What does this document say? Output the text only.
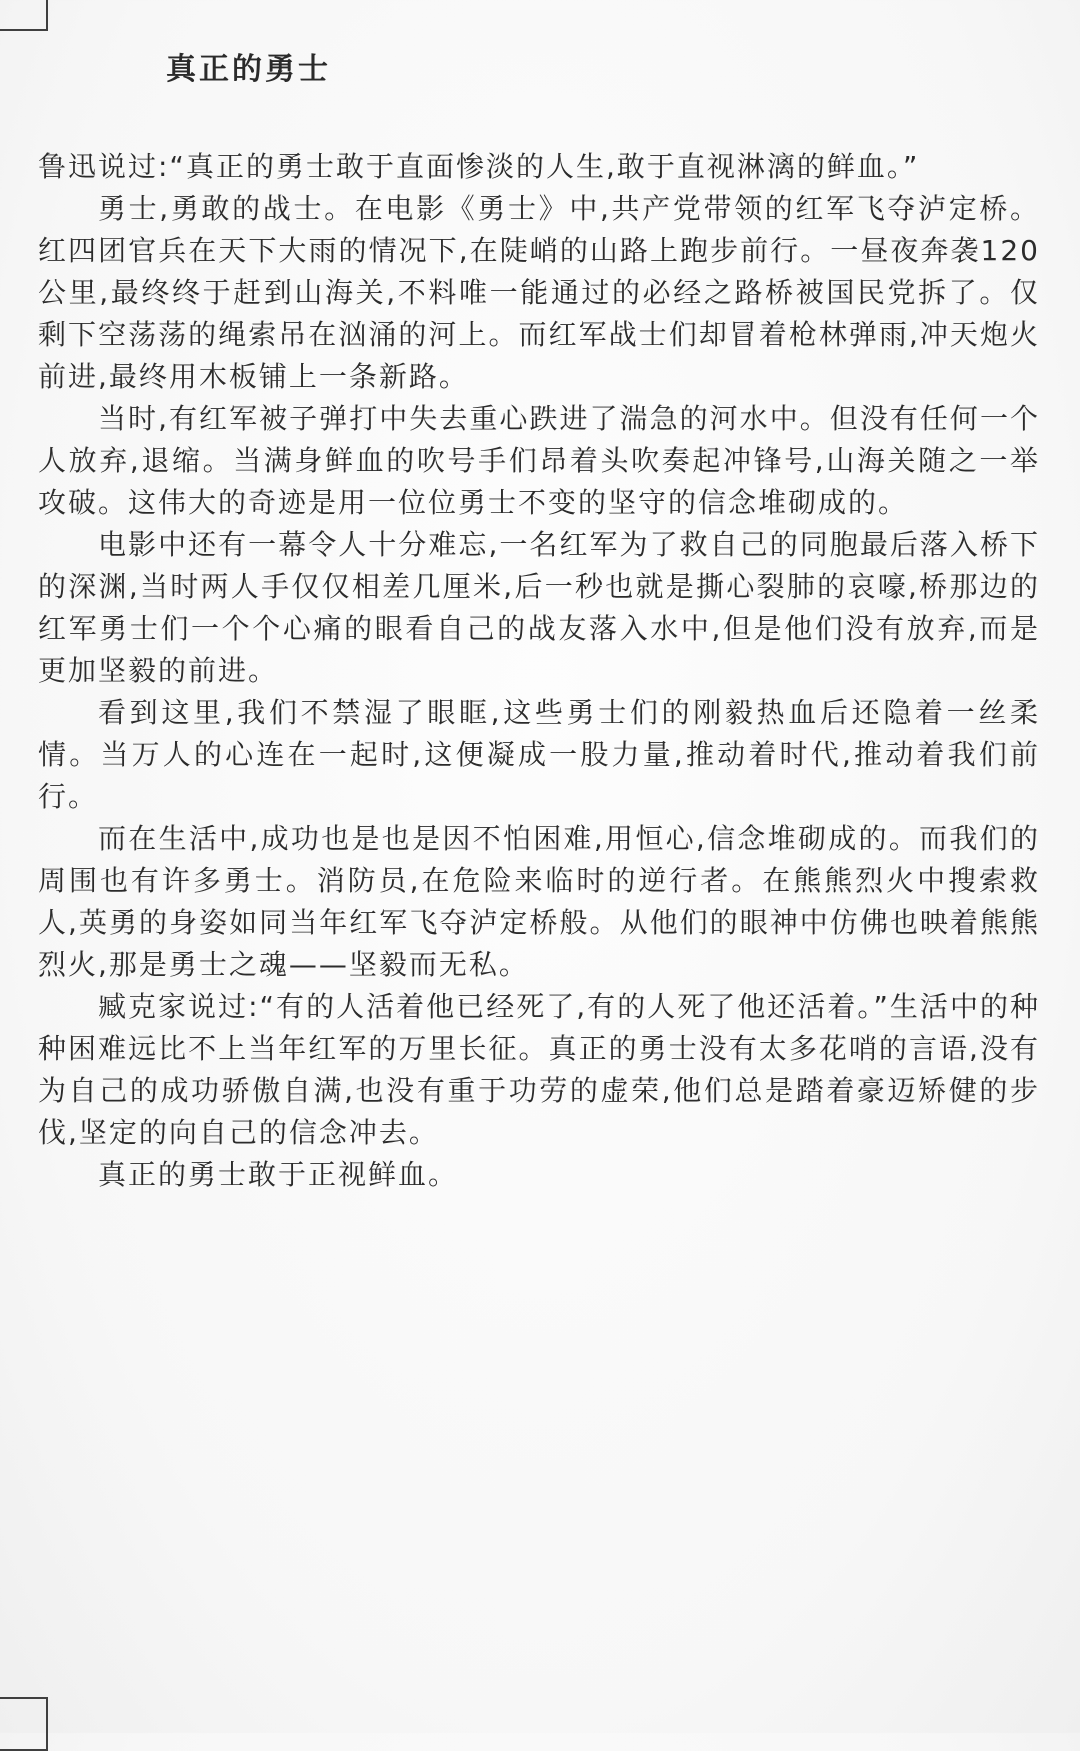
真正的勇士

鲁迅说过:“真正的勇士敢于直面惨淡的人生,敢于直视淋漓的鲜血。”

勇士,勇敢的战士。在电影《勇士》中,共产党带领的红军飞夺泸定桥。红四团官兵在天下大雨的情况下,在陡峭的山路上跑步前行。一昼夜奔袭120公里,最终终于赶到山海关,不料唯一能通过的必经之路桥被国民党拆了。仅剩下空荡荡的绳索吊在汹涌的河上。而红军战士们却冒着枪林弹雨,冲天炮火前进,最终用木板铺上一条新路。

当时,有红军被子弹打中失去重心跌进了湍急的河水中。但没有任何一个人放弃,退缩。当满身鲜血的吹号手们昂着头吹奏起冲锋号,山海关随之一举攻破。这伟大的奇迹是用一位位勇士不变的坚守的信念堆砌成的。

电影中还有一幕令人十分难忘,一名红军为了救自己的同胞最后落入桥下的深渊,当时两人手仅仅相差几厘米,后一秒也就是撕心裂肺的哀嚎,桥那边的红军勇士们一个个心痛的眼看自己的战友落入水中,但是他们没有放弃,而是更加坚毅的前进。

看到这里,我们不禁湿了眼眶,这些勇士们的刚毅热血后还隐着一丝柔情。当万人的心连在一起时,这便凝成一股力量,推动着时代,推动着我们前行。

而在生活中,成功也是也是因不怕困难,用恒心,信念堆砌成的。而我们的周围也有许多勇士。消防员,在危险来临时的逆行者。在熊熊烈火中搜索救人,英勇的身姿如同当年红军飞夺泸定桥般。从他们的眼神中仿佛也映着熊熊烈火,那是勇士之魂——坚毅而无私。

臧克家说过:“有的人活着他已经死了,有的人死了他还活着。”生活中的种种困难远比不上当年红军的万里长征。真正的勇士没有太多花哨的言语,没有为自己的成功骄傲自满,也没有重于功劳的虚荣,他们总是踏着豪迈矫健的步伐,坚定的向自己的信念冲去。

真正的勇士敢于正视鲜血。
